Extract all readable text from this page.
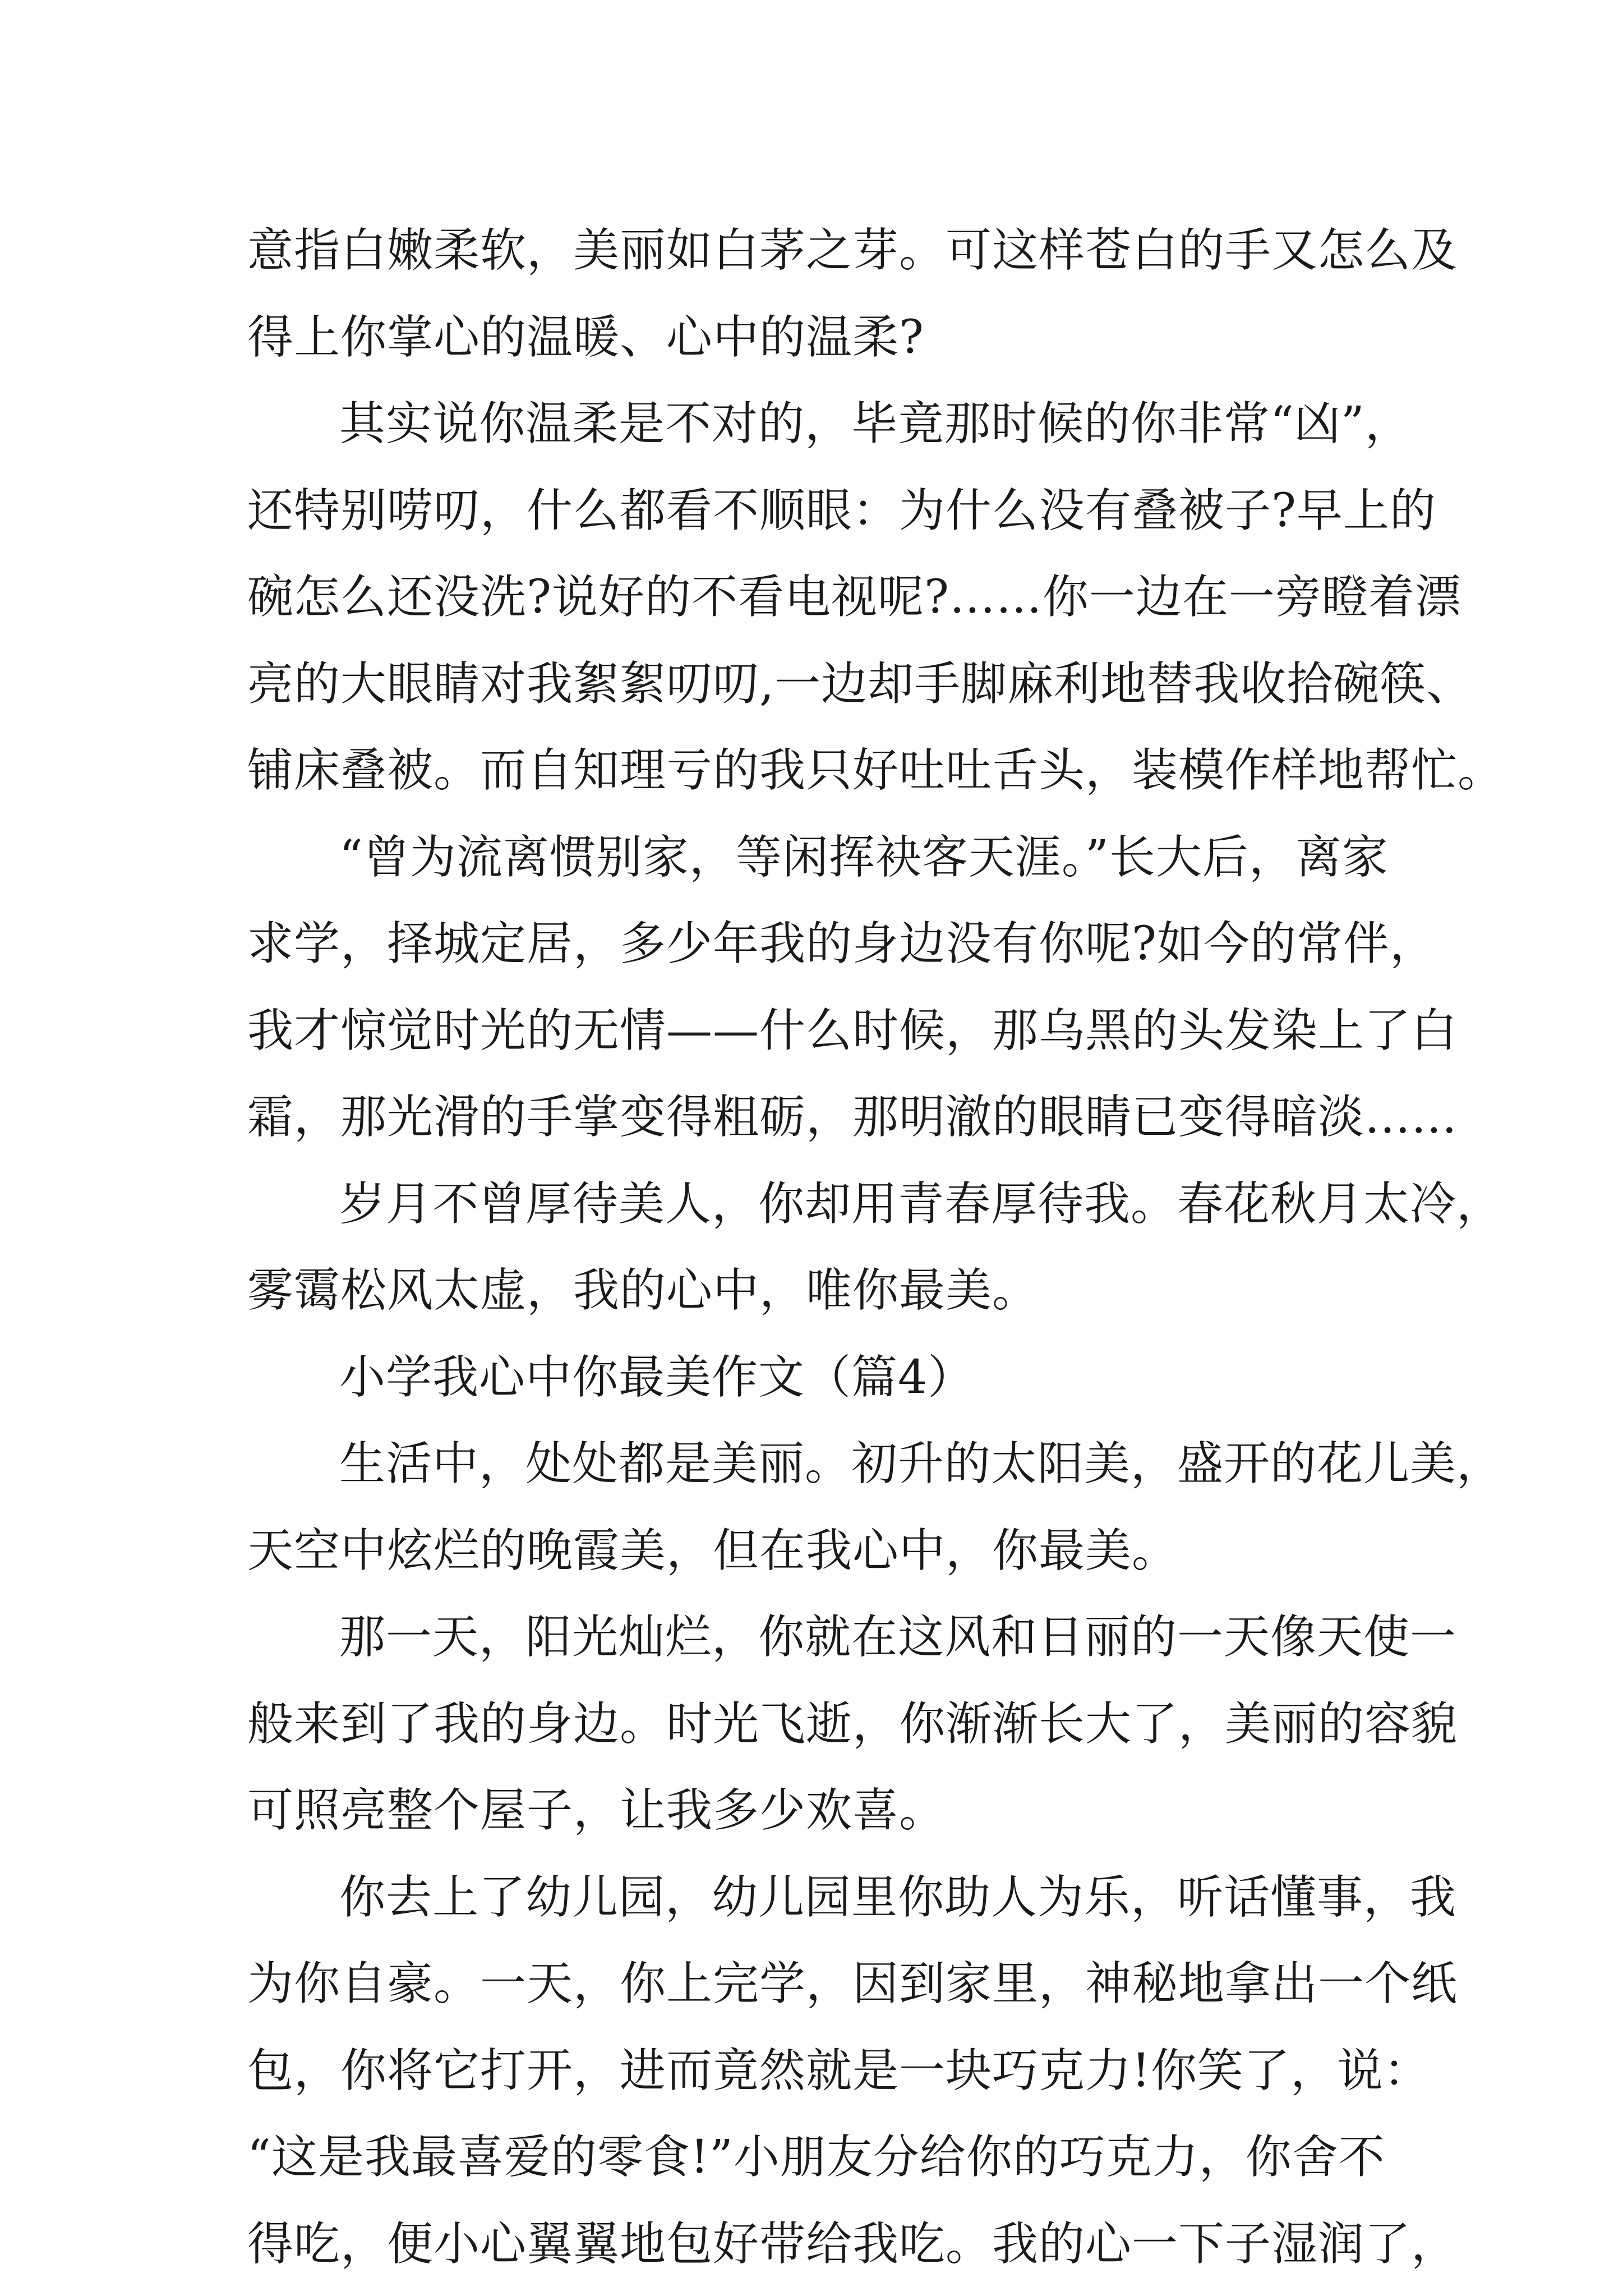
意指白嫩柔软，美丽如白茅之芽。可这样苍白的手又怎么及
得上你掌心的温暖、心中的温柔?
其实说你温柔是不对的，毕竟那时候的你非常“凶”，
还特别唠叨，什么都看不顺眼：为什么没有叠被子?早上的
碗怎么还没洗?说好的不看电视呢?……你一边在一旁瞪着漂
亮的大眼睛对我絮絮叨叨,一边却手脚麻利地替我收拾碗筷、
铺床叠被。而自知理亏的我只好吐吐舌头，装模作样地帮忙。
“曾为流离惯别家，等闲挥袂客天涯。”长大后，离家
求学，择城定居，多少年我的身边没有你呢?如今的常伴，
我才惊觉时光的无情——什么时候，那乌黑的头发染上了白
霜，那光滑的手掌变得粗砺，那明澈的眼睛已变得暗淡……
岁月不曾厚待美人，你却用青春厚待我。春花秋月太冷，
雾霭松风太虚，我的心中，唯你最美。
小学我心中你最美作文（篇4）
生活中，处处都是美丽。初升的太阳美，盛开的花儿美，
天空中炫烂的晚霞美，但在我心中，你最美。
那一天，阳光灿烂，你就在这风和日丽的一天像天使一
般来到了我的身边。时光飞逝，你渐渐长大了，美丽的容貌
可照亮整个屋子，让我多少欢喜。
你去上了幼儿园，幼儿园里你助人为乐，听话懂事，我
为你自豪。一天，你上完学，因到家里，神秘地拿出一个纸
包，你将它打开，进而竟然就是一块巧克力!你笑了，说：
“这是我最喜爱的零食!”小朋友分给你的巧克力，你舍不
得吃，便小心翼翼地包好带给我吃。我的心一下子湿润了，
